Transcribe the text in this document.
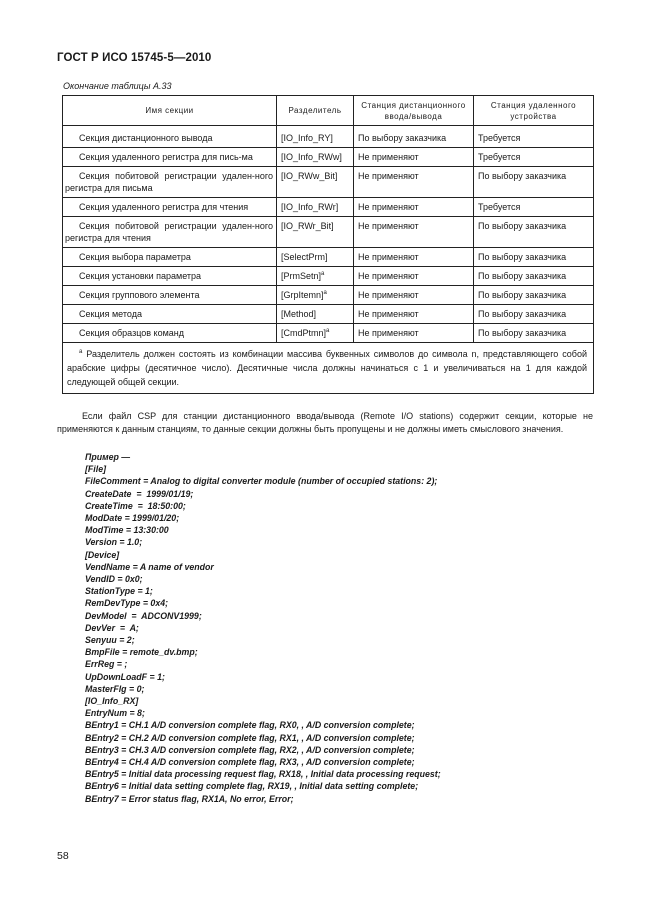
ГОСТ Р ИСО 15745-5—2010
Окончание таблицы А.33
Имя секции	Разделитель	Станция дистанционного ввода/вывода	Станция удаленного устройства
Секция дистанционного вывода	[IO_Info_RY]	По выбору заказчика	Требуется
Секция удаленного регистра для пись-ма	[IO_Info_RWw]	Не применяют	Требуется
Секция побитовой регистрации удален-ного регистра для письма	[IO_RWw_Bit]	Не применяют	По выбору заказчика
Секция удаленного регистра для чтения	[IO_Info_RWr]	Не применяют	Требуется
Секция побитовой регистрации удален-ного регистра для чтения	[IO_RWr_Bit]	Не применяют	По выбору заказчика
Секция выбора параметра	[SelectPrm]	Не применяют	По выбору заказчика
Секция установки параметра	[PrmSetn]$^a$	Не применяют	По выбору заказчика
Секция группового элемента	[GrpItemn]$^a$	Не применяют	По выбору заказчика
Секция метода	[Method]	Не применяют	По выбору заказчика
Секция образцов команд	[CmdPtmn]$^a$	Не применяют	По выбору заказчика
$^a$ Разделитель должен состоять из комбинации массива буквенных символов до символа n, представляющего собой арабские цифры (десятичное число). Десятичные числа должны начинаться с 1 и увеличиваться на 1 для каждой следующей общей секции.			
Если файл CSP для станции дистанционного ввода/вывода (Remote I/O stations) содержит секции, которые не применяются к данным станциям, то данные секции должны быть пропущены и не должны иметь смыслового значения.
Пример —
[File]
FileComment = Analog to digital converter module (number of occupied stations: 2);
CreateDate  =  1999/01/19;
CreateTime  =  18:50:00;
ModDate = 1999/01/20;
ModTime = 13:30:00
Version = 1.0;
[Device]
VendName = A name of vendor
VendID = 0x0;
StationType = 1;
RemDevType = 0x4;
DevModel  =  ADCONV1999;
DevVer  =  A;
Senyuu = 2;
BmpFile = remote_dv.bmp;
ErrReg = ;
UpDownLoadF = 1;
MasterFlg = 0;
[IO_Info_RX]
EntryNum = 8;
BEntry1 = CH.1 A/D conversion complete flag, RX0, , A/D conversion complete;
BEntry2 = CH.2 A/D conversion complete flag, RX1, , A/D conversion complete;
BEntry3 = CH.3 A/D conversion complete flag, RX2, , A/D conversion complete;
BEntry4 = CH.4 A/D conversion complete flag, RX3, , A/D conversion complete;
BEntry5 = Initial data processing request flag, RX18, , Initial data processing request;
BEntry6 = Initial data setting complete flag, RX19, , Initial data setting complete;
BEntry7 = Error status flag, RX1A, No error, Error;
58
